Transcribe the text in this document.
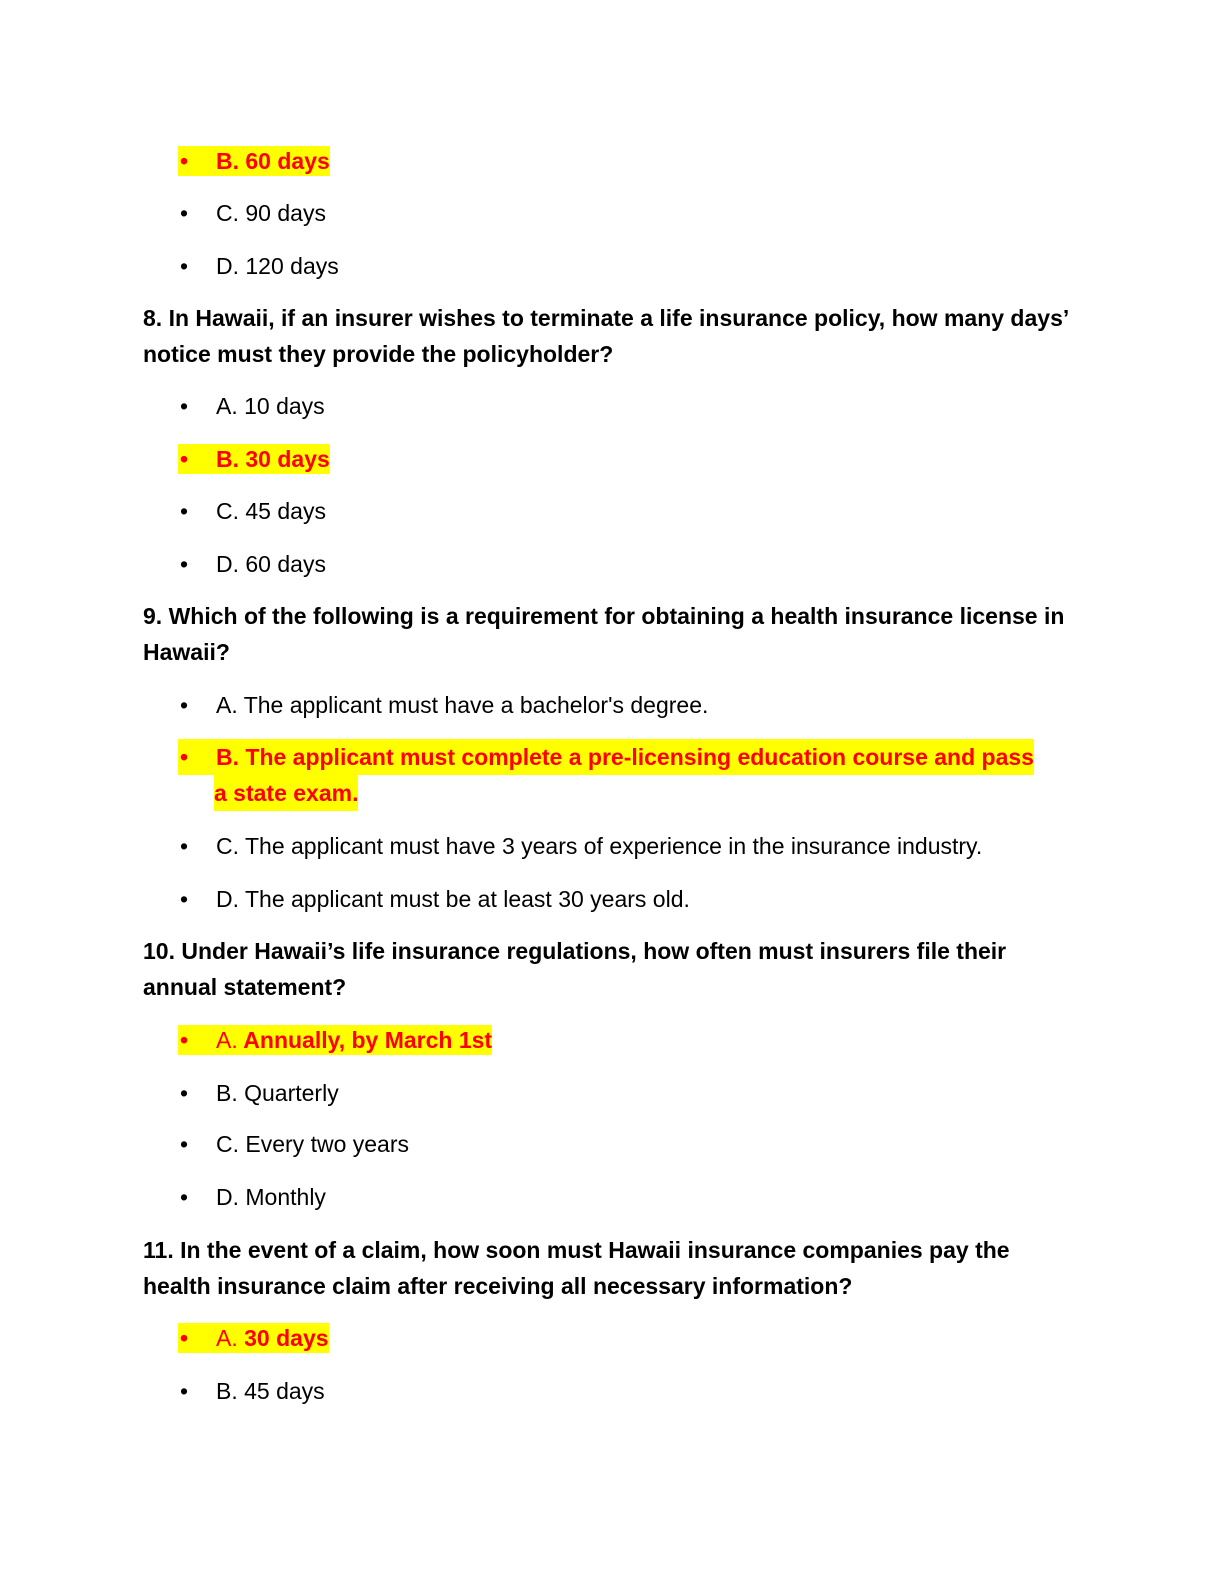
• B. 60 days
• C. 90 days
• D. 120 days
8. In Hawaii, if an insurer wishes to terminate a life insurance policy, how many days’ notice must they provide the policyholder?
• A. 10 days
• B. 30 days
• C. 45 days
• D. 60 days
9. Which of the following is a requirement for obtaining a health insurance license in Hawaii?
• A. The applicant must have a bachelor's degree.
• B. The applicant must complete a pre-licensing education course and pass
a state exam.
• C. The applicant must have 3 years of experience in the insurance industry.
• D. The applicant must be at least 30 years old.
10. Under Hawaii’s life insurance regulations, how often must insurers file their annual statement?
• A. Annually, by March 1st
• B. Quarterly
• C. Every two years
• D. Monthly
11. In the event of a claim, how soon must Hawaii insurance companies pay the health insurance claim after receiving all necessary information?
• A. 30 days
• B. 45 days
